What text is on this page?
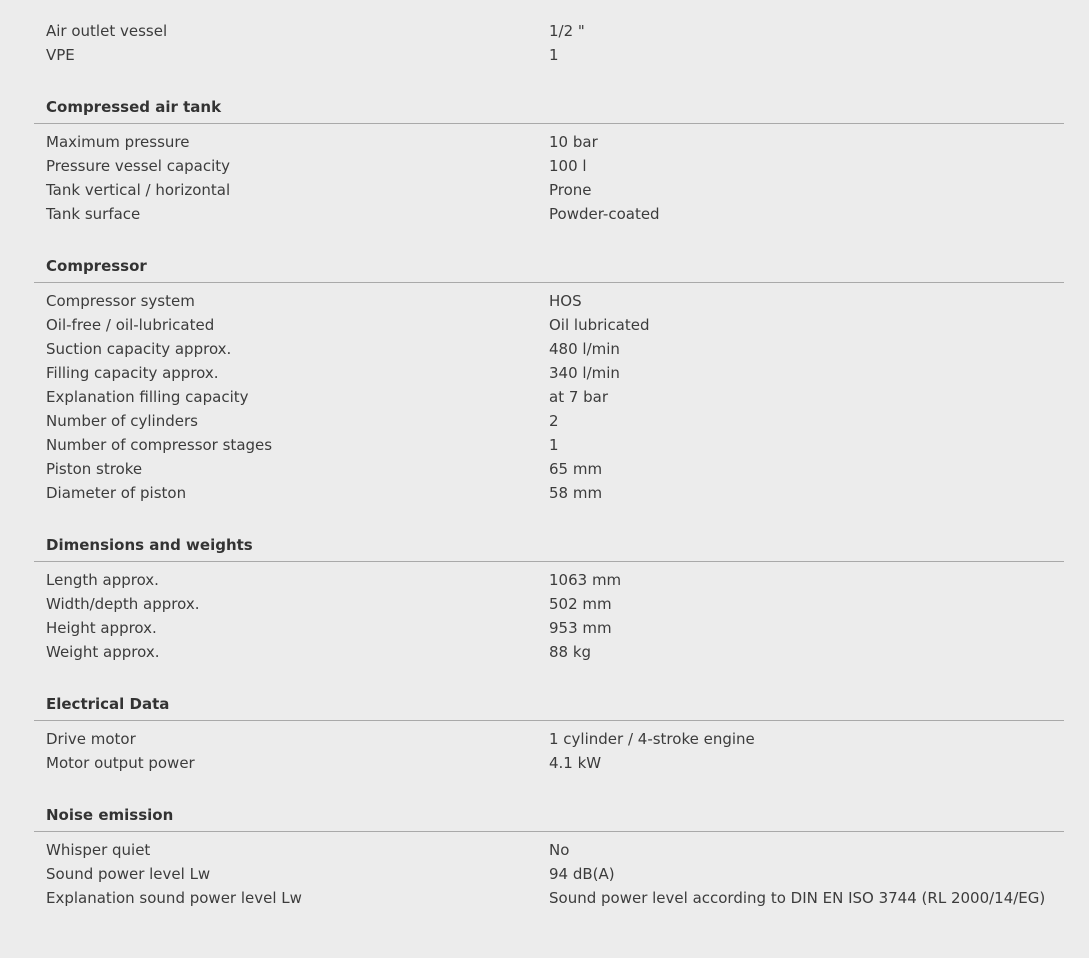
Air outlet vessel	1/2 "
VPE	1
Compressed air tank
Maximum pressure	10 bar
Pressure vessel capacity	100 l
Tank vertical / horizontal	Prone
Tank surface	Powder-coated
Compressor
Compressor system	HOS
Oil-free / oil-lubricated	Oil lubricated
Suction capacity approx.	480 l/min
Filling capacity approx.	340 l/min
Explanation filling capacity	at 7 bar
Number of cylinders	2
Number of compressor stages	1
Piston stroke	65 mm
Diameter of piston	58 mm
Dimensions and weights
Length approx.	1063 mm
Width/depth approx.	502 mm
Height approx.	953 mm
Weight approx.	88 kg
Electrical Data
Drive motor	1 cylinder / 4-stroke engine
Motor output power	4.1 kW
Noise emission
Whisper quiet	No
Sound power level Lw	94 dB(A)
Explanation sound power level Lw	Sound power level according to DIN EN ISO 3744 (RL 2000/14/EG)
